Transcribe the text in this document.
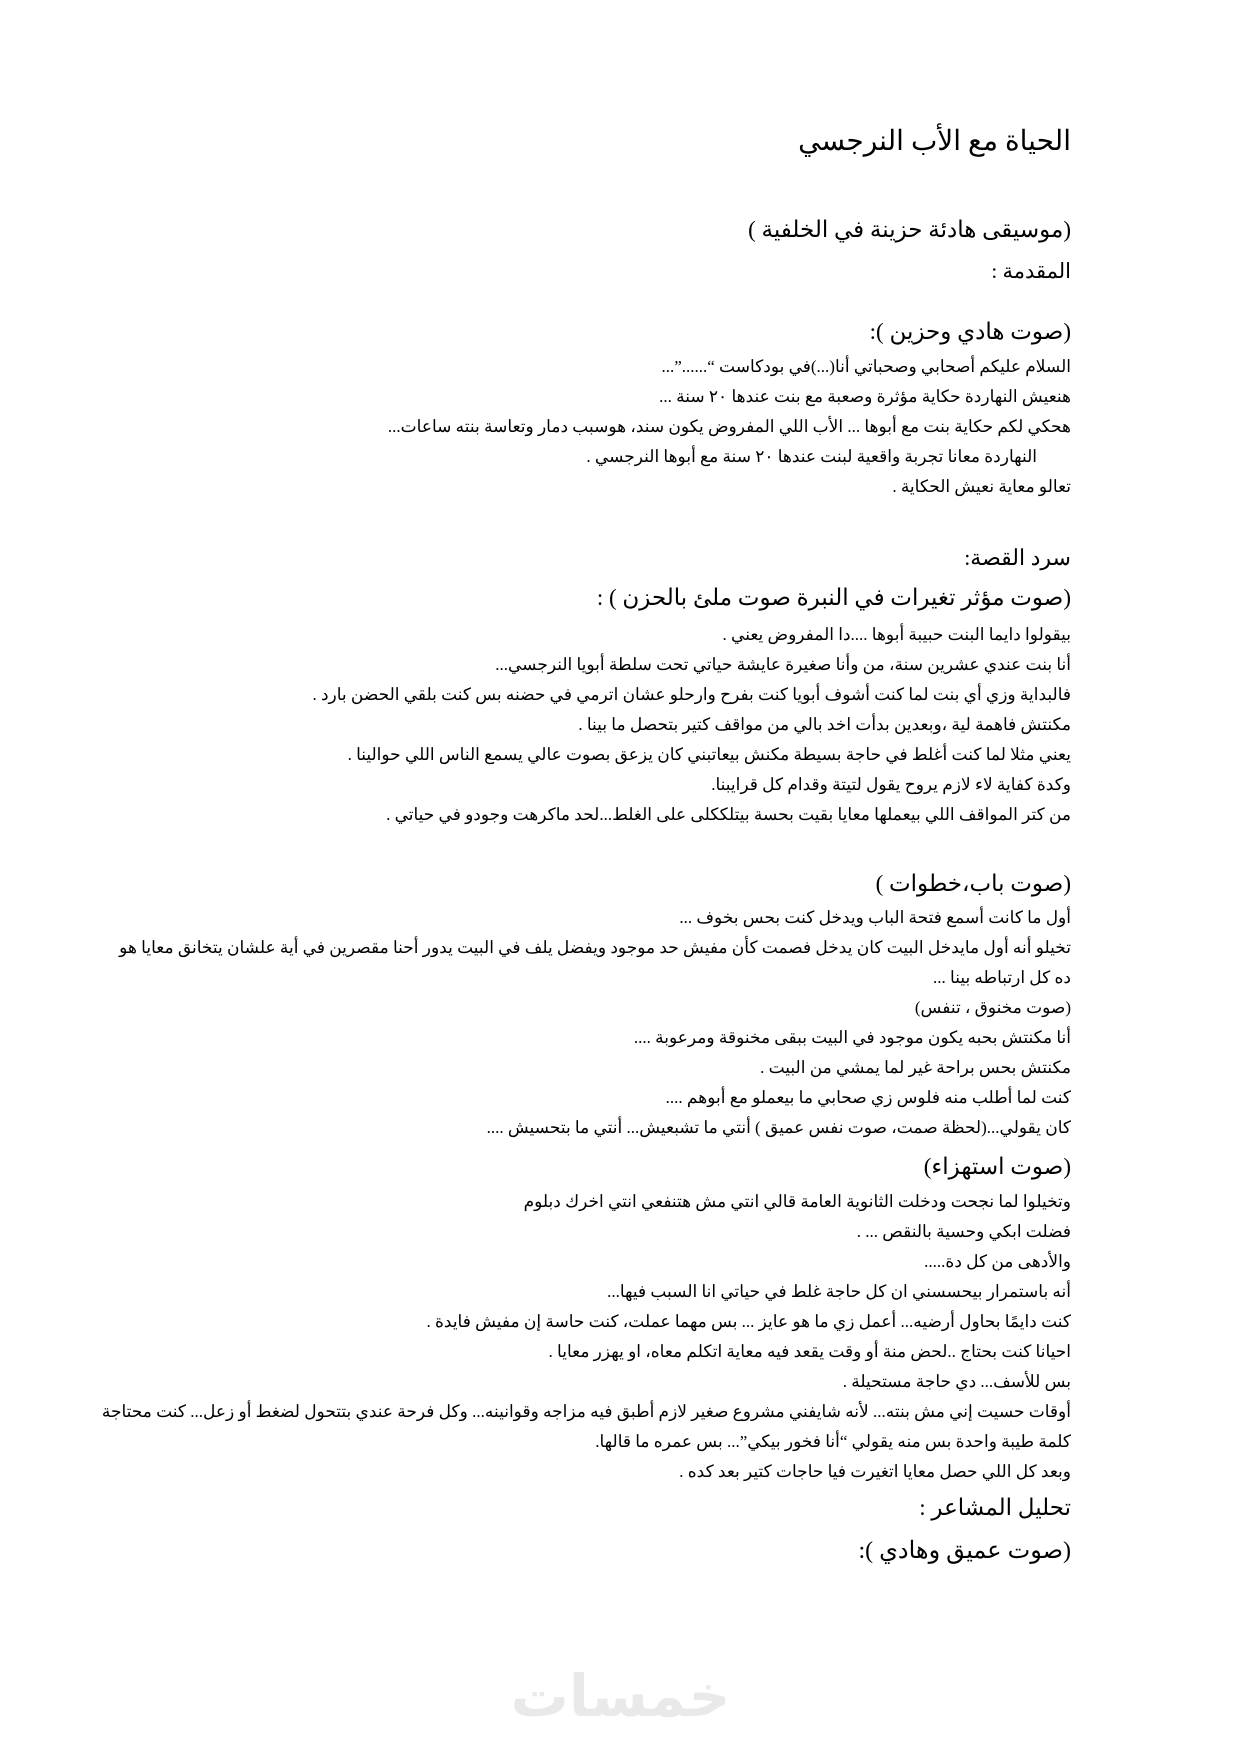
الحياة مع الأب النرجسي

(موسيقى هادئة حزينة في الخلفية )

المقدمة :

(صوت هادي وحزين ):

السلام عليكم أصحابي وصحباتي أنا(...)في بودكاست “......”...

هنعيش النهاردة حكاية مؤثرة وصعبة مع بنت عندها ٢٠ سنة ...

هحكي لكم حكاية بنت مع أبوها ... الأب اللي المفروض يكون سند، هوسبب دمار وتعاسة بنته ساعات...

النهاردة معانا تجربة واقعية لبنت عندها ٢٠ سنة مع أبوها النرجسي .

تعالو معاية نعيش الحكاية .

سرد القصة:

(صوت مؤثر تغيرات في النبرة صوت ملئ بالحزن ) :

بيقولوا دايما البنت حبيبة أبوها ....دا المفروض يعني .

أنا بنت عندي عشرين سنة، من وأنا صغيرة عايشة حياتي تحت سلطة أبويا النرجسي...

فالبداية وزي أي بنت لما كنت أشوف أبويا كنت بفرح وارحلو عشان اترمي في حضنه بس كنت بلقي الحضن بارد .

مكنتش فاهمة لية ،وبعدين بدأت اخد بالي من مواقف كتير بتحصل ما بينا .

يعني مثلا لما كنت أغلط في حاجة بسيطة مكنش بيعاتبني كان يزعق بصوت عالي يسمع الناس اللي حوالينا .

وكدة كفاية لاء لازم يروح يقول لتيتة وقدام كل قرايبنا.

من كتر المواقف اللي بيعملها معايا بقيت بحسة بيتلككلى على الغلط...لحد ماكرهت وجودو في حياتي .

(صوت باب،خطوات )

أول ما كانت أسمع فتحة الباب ويدخل كنت بحس بخوف ...

تخيلو أنه أول مايدخل البيت كان يدخل فصمت كأن مفيش حد موجود ويفضل يلف في البيت يدور أحنا مقصرين في أية علشان يتخانق معايا هو ده كل ارتباطه بينا ...

(صوت مخنوق ، تنفس)

أنا مكنتش بحبه يكون موجود في البيت ببقى مخنوقة ومرعوبة ....

مكنتش بحس براحة غير لما يمشي من البيت .

كنت لما أطلب منه فلوس زي صحابي ما بيعملو مع أبوهم ....

كان يقولي...(لحظة صمت، صوت نفس عميق ) أنتي ما تشبعيش... أنتي ما بتحسيش ....

(صوت استهزاء)

وتخيلوا لما نجحت ودخلت الثانوية العامة قالي انتي مش هتنفعي انتي اخرك دبلوم

فضلت ابكي وحسية بالنقص ... .

والأدهى من كل دة.....

أنه باستمرار بيحسسني ان كل حاجة غلط في حياتي انا السبب فيها...

كنت دايمًا بحاول أرضيه... أعمل زي ما هو عايز ... بس مهما عملت، كنت حاسة إن مفيش فايدة .

احيانا كنت بحتاج ..لحض منة أو وقت يقعد فيه معاية اتكلم معاه، او يهزر معايا .

بس للأسف... دي حاجة مستحيلة .

أوقات حسيت إني مش بنته... لأنه شايفني مشروع صغير لازم أطبق فيه مزاجه وقوانينه... وكل فرحة عندي بتتحول لضغط أو زعل... كنت محتاجة كلمة طيبة واحدة بس منه يقولي “أنا فخور بيكي”... بس عمره ما قالها.

وبعد كل اللي حصل معايا اتغيرت فيا حاجات كتير بعد كده .

تحليل المشاعر :

(صوت عميق وهادي ):

خمسات
